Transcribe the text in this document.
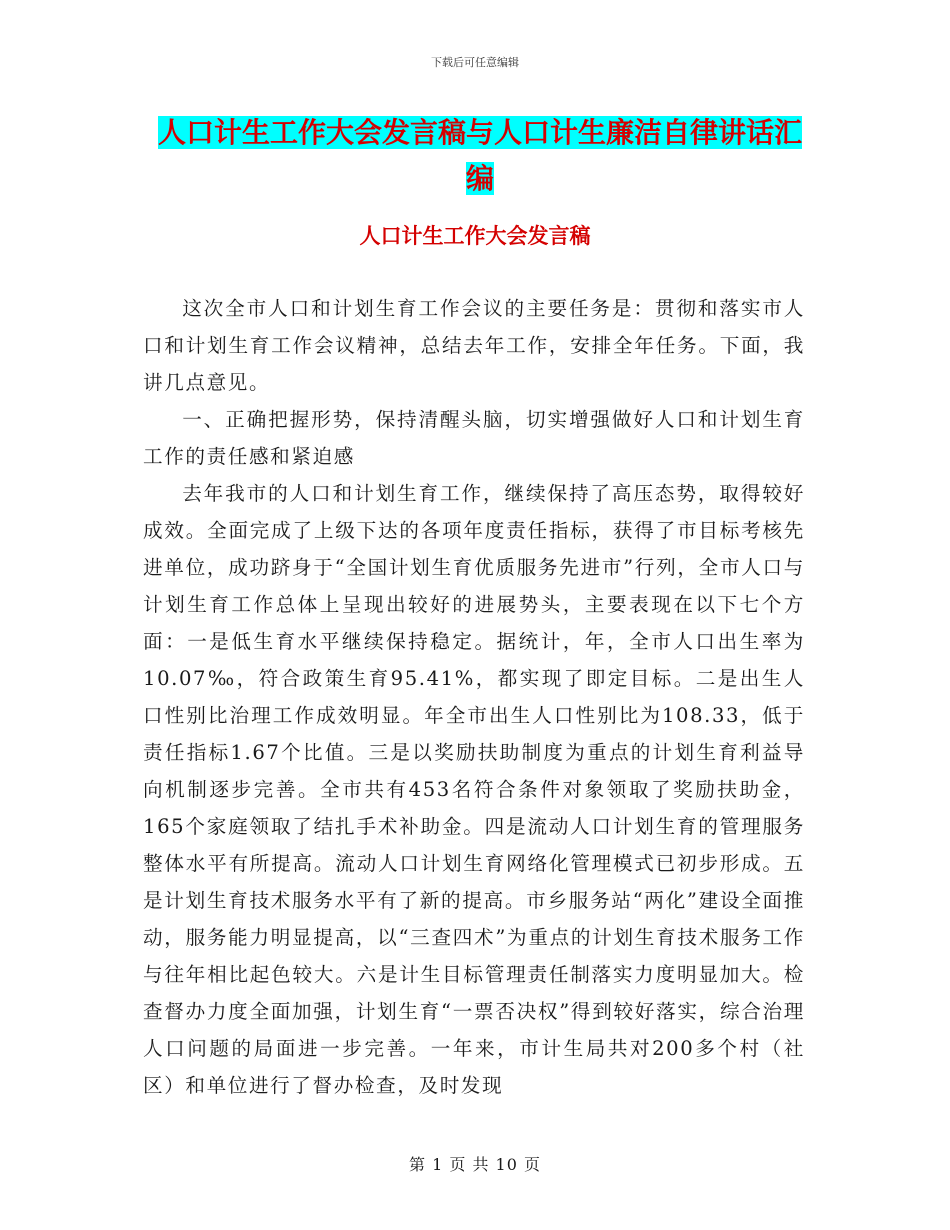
下载后可任意编辑
人口计生工作大会发言稿与人口计生廉洁自律讲话汇编
人口计生工作大会发言稿

这次全市人口和计划生育工作会议的主要任务是：贯彻和落实市人口和计划生育工作会议精神，总结去年工作，安排全年任务。下面，我讲几点意见。

一、正确把握形势，保持清醒头脑，切实增强做好人口和计划生育工作的责任感和紧迫感

去年我市的人口和计划生育工作，继续保持了高压态势，取得较好成效。全面完成了上级下达的各项年度责任指标，获得了市目标考核先进单位，成功跻身于“全国计划生育优质服务先进市”行列，全市人口与计划生育工作总体上呈现出较好的进展势头，主要表现在以下七个方面：一是低生育水平继续保持稳定。据统计，年，全市人口出生率为10.07‰，符合政策生育95.41%，都实现了即定目标。二是出生人口性别比治理工作成效明显。年全市出生人口性别比为108.33，低于责任指标1.67个比值。三是以奖励扶助制度为重点的计划生育利益导向机制逐步完善。全市共有453名符合条件对象领取了奖励扶助金，165个家庭领取了结扎手术补助金。四是流动人口计划生育的管理服务整体水平有所提高。流动人口计划生育网络化管理模式已初步形成。五是计划生育技术服务水平有了新的提高。市乡服务站“两化”建设全面推动，服务能力明显提高，以“三查四术”为重点的计划生育技术服务工作与往年相比起色较大。六是计生目标管理责任制落实力度明显加大。检查督办力度全面加强，计划生育“一票否决权”得到较好落实，综合治理人口问题的局面进一步完善。一年来，市计生局共对200多个村（社区）和单位进行了督办检查，及时发现

第 1 页 共 10 页
